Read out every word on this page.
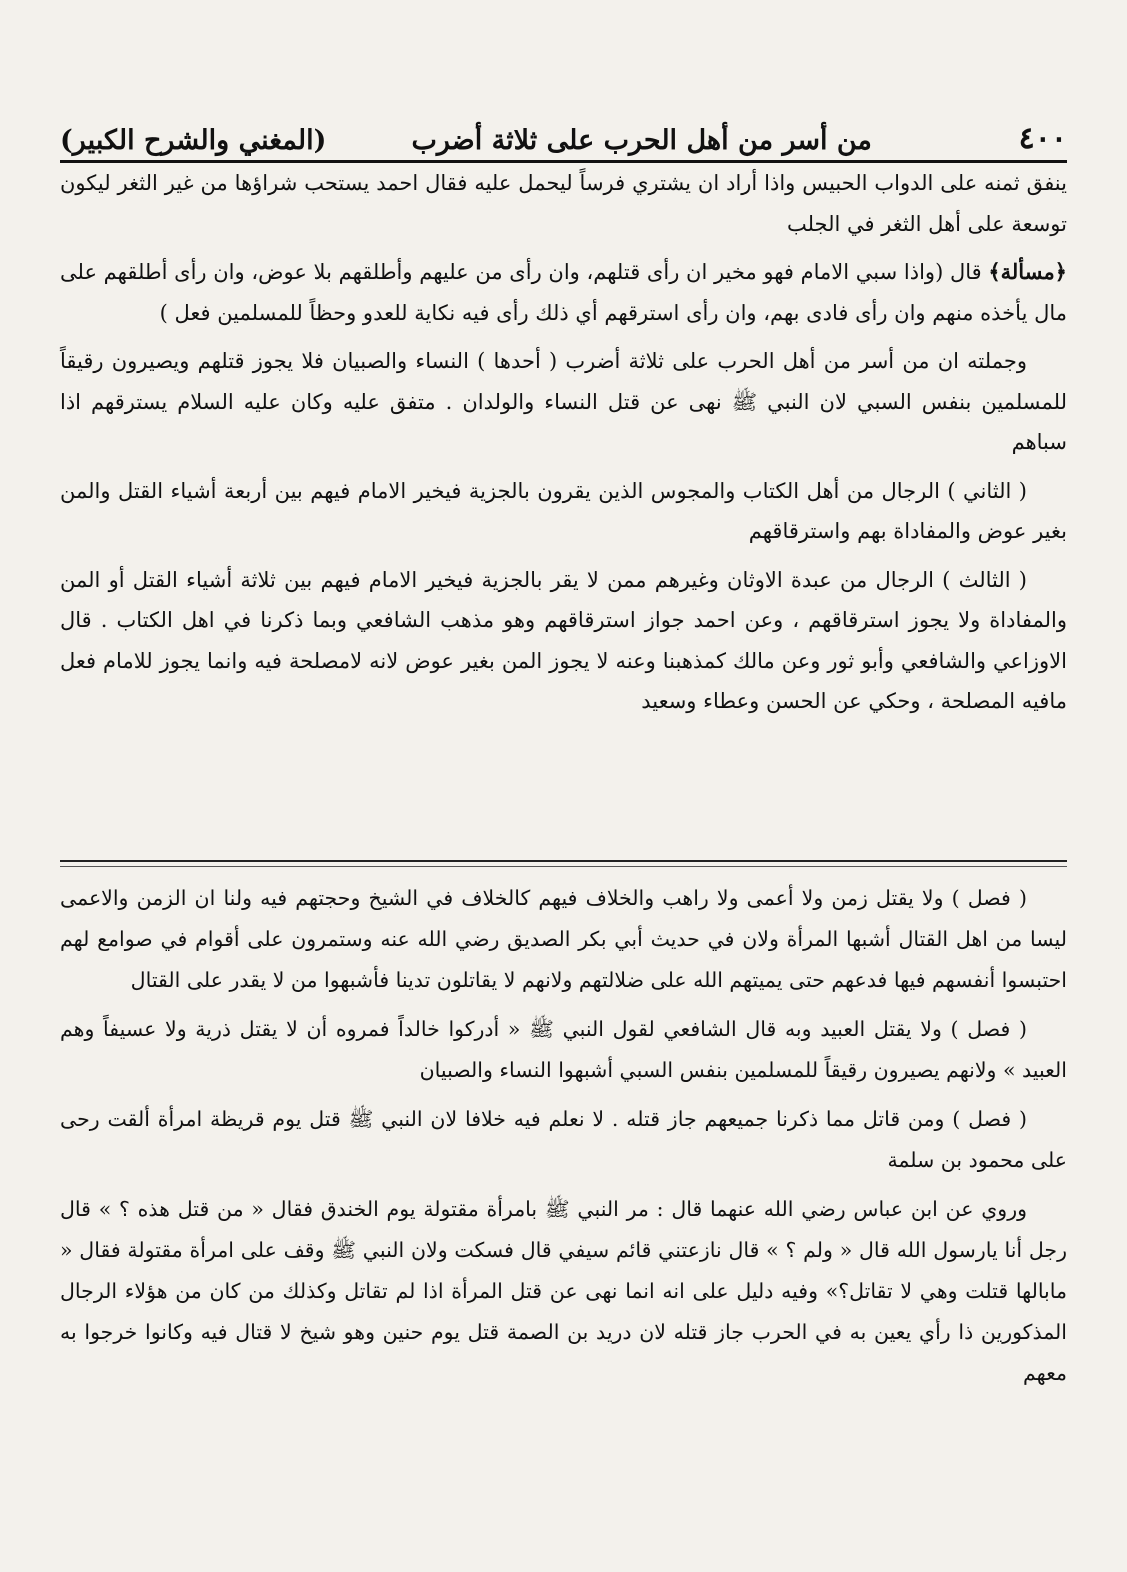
٤٠٠
من أسر من أهل الحرب على ثلاثة أضرب
(المغني والشرح الكبير)

ينفق ثمنه على الدواب الحبيس واذا أراد ان يشتري فرساً ليحمل عليه فقال احمد يستحب شراؤها من غير الثغر ليكون توسعة على أهل الثغر في الجلب

﴿مسألة﴾ قال (واذا سبي الامام فهو مخير ان رأى قتلهم، وان رأى من عليهم وأطلقهم بلا عوض، وان رأى أطلقهم على مال يأخذه منهم وان رأى فادى بهم، وان رأى استرقهم أي ذلك رأى فيه نكاية للعدو وحظاً للمسلمين فعل )

وجملته ان من أسر من أهل الحرب على ثلاثة أضرب ( أحدها ) النساء والصبيان فلا يجوز قتلهم ويصيرون رقيقاً للمسلمين بنفس السبي لان النبي ﷺ نهى عن قتل النساء والولدان . متفق عليه وكان عليه السلام يسترقهم اذا سباهم

( الثاني ) الرجال من أهل الكتاب والمجوس الذين يقرون بالجزية فيخير الامام فيهم بين أربعة أشياء القتل والمن بغير عوض والمفاداة بهم واسترقاقهم

( الثالث ) الرجال من عبدة الاوثان وغيرهم ممن لا يقر بالجزية فيخير الامام فيهم بين ثلاثة أشياء القتل أو المن والمفاداة ولا يجوز استرقاقهم ، وعن احمد جواز استرقاقهم وهو مذهب الشافعي وبما ذكرنا في اهل الكتاب . قال الاوزاعي والشافعي وأبو ثور وعن مالك كمذهبنا وعنه لا يجوز المن بغير عوض لانه لامصلحة فيه وانما يجوز للامام فعل مافيه المصلحة ، وحكي عن الحسن وعطاء وسعيد

( فصل ) ولا يقتل زمن ولا أعمى ولا راهب والخلاف فيهم كالخلاف في الشيخ وحجتهم فيه ولنا ان الزمن والاعمى ليسا من اهل القتال أشبها المرأة ولان في حديث أبي بكر الصديق رضي الله عنه وستمرون على أقوام في صوامع لهم احتبسوا أنفسهم فيها فدعهم حتى يميتهم الله على ضلالتهم ولانهم لا يقاتلون تدينا فأشبهوا من لا يقدر على القتال

( فصل ) ولا يقتل العبيد وبه قال الشافعي لقول النبي ﷺ « أدركوا خالداً فمروه أن لا يقتل ذرية ولا عسيفاً وهم العبيد » ولانهم يصيرون رقيقاً للمسلمين بنفس السبي أشبهوا النساء والصبيان

( فصل ) ومن قاتل مما ذكرنا جميعهم جاز قتله . لا نعلم فيه خلافا لان النبي ﷺ قتل يوم قريظة امرأة ألقت رحى على محمود بن سلمة

وروي عن ابن عباس رضي الله عنهما قال : مر النبي ﷺ بامرأة مقتولة يوم الخندق فقال « من قتل هذه ؟ » قال رجل أنا يارسول الله قال « ولم ؟ » قال نازعتني قائم سيفي قال فسكت ولان النبي ﷺ وقف على امرأة مقتولة فقال « مابالها قتلت وهي لا تقاتل؟» وفيه دليل على انه انما نهى عن قتل المرأة اذا لم تقاتل وكذلك من كان من هؤلاء الرجال المذكورين ذا رأي يعين به في الحرب جاز قتله لان دريد بن الصمة قتل يوم حنين وهو شيخ لا قتال فيه وكانوا خرجوا به معهم
